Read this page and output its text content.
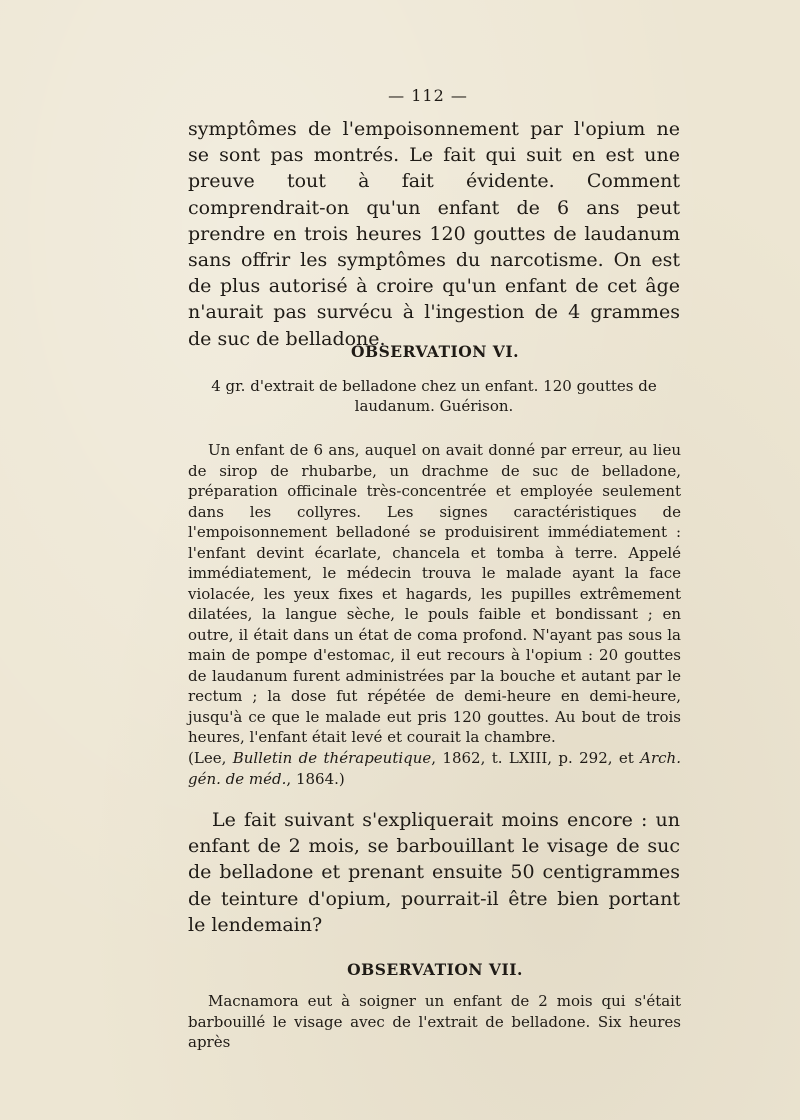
— 112 —
symptômes de l'empoisonnement par l'opium ne se sont pas montrés. Le fait qui suit en est une preuve tout à fait évidente. Comment comprendrait-on qu'un enfant de 6 ans peut prendre en trois heures 120 gouttes de laudanum sans offrir les symptômes du narcotisme. On est de plus autorisé à croire qu'un enfant de cet âge n'aurait pas survécu à l'ingestion de 4 grammes de suc de belladone.
OBSERVATION VI.
4 gr. d'extrait de belladone chez un enfant. 120 gouttes de laudanum. Guérison.
Un enfant de 6 ans, auquel on avait donné par erreur, au lieu de sirop de rhubarbe, un drachme de suc de belladone, préparation officinale très-concentrée et employée seulement dans les collyres. Les signes caractéristiques de l'empoisonnement belladoné se produisirent immédiatement : l'enfant devint écarlate, chancela et tomba à terre. Appelé immédiatement, le médecin trouva le malade ayant la face violacée, les yeux fixes et hagards, les pupilles extrêmement dilatées, la langue sèche, le pouls faible et bondissant ; en outre, il était dans un état de coma profond. N'ayant pas sous la main de pompe d'estomac, il eut recours à l'opium : 20 gouttes de laudanum furent administrées par la bouche et autant par le rectum ; la dose fut répétée de demi-heure en demi-heure, jusqu'à ce que le malade eut pris 120 gouttes. Au bout de trois heures, l'enfant était levé et courait la chambre.
(Lee, Bulletin de thérapeutique, 1862, t. LXIII, p. 292, et Arch. gén. de méd., 1864.)
Le fait suivant s'expliquerait moins encore : un enfant de 2 mois, se barbouillant le visage de suc de belladone et prenant ensuite 50 centigrammes de teinture d'opium, pourrait-il être bien portant le lendemain?
OBSERVATION VII.
Macnamora eut à soigner un enfant de 2 mois qui s'était barbouillé le visage avec de l'extrait de belladone. Six heures après
